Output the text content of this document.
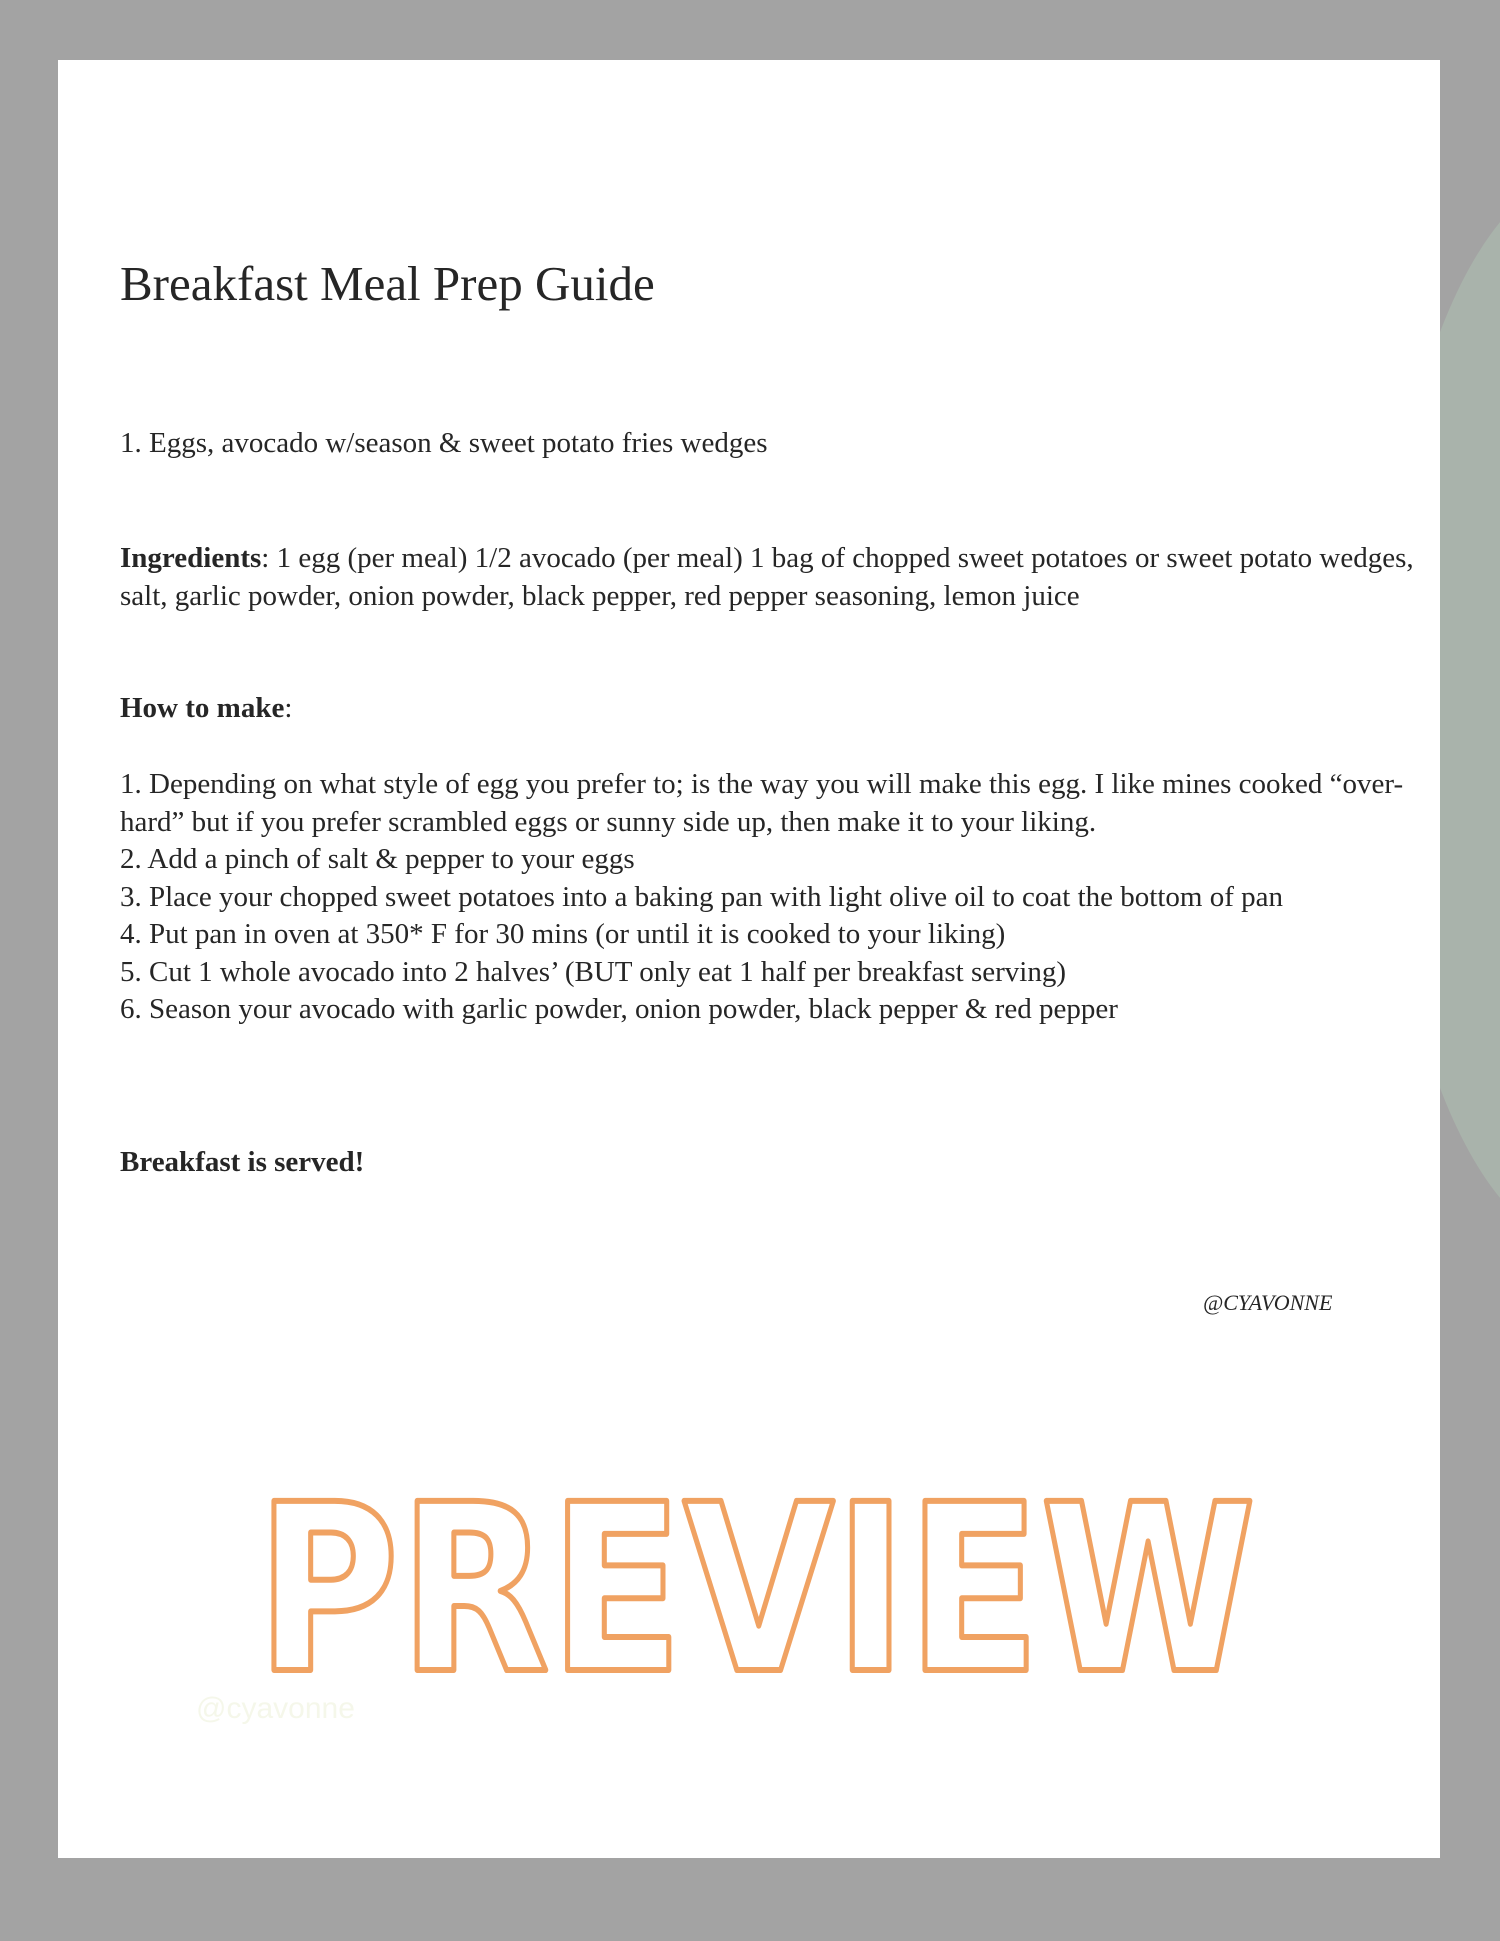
Breakfast Meal Prep Guide

1. Eggs, avocado w/season & sweet potato fries wedges

Ingredients: 1 egg (per meal) 1/2 avocado (per meal) 1 bag of chopped sweet potatoes or sweet potato wedges, salt, garlic powder, onion powder, black pepper, red pepper seasoning, lemon juice
How to make:
1. Depending on what style of egg you prefer to; is the way you will make this egg. I like mines cooked “over-hard” but if you prefer scrambled eggs or sunny side up, then make it to your liking.
2. Add a pinch of salt & pepper to your eggs
3. Place your chopped sweet potatoes into a baking pan with light olive oil to coat the bottom of pan
4. Put pan in oven at 350* F for 30 mins (or until it is cooked to your liking)
5. Cut 1 whole avocado into 2 halves’ (BUT only eat 1 half per breakfast serving)
6. Season your avocado with garlic powder, onion powder, black pepper & red pepper
Breakfast is served!
@CYAVONNE
@cyavonne
PREVIEW
